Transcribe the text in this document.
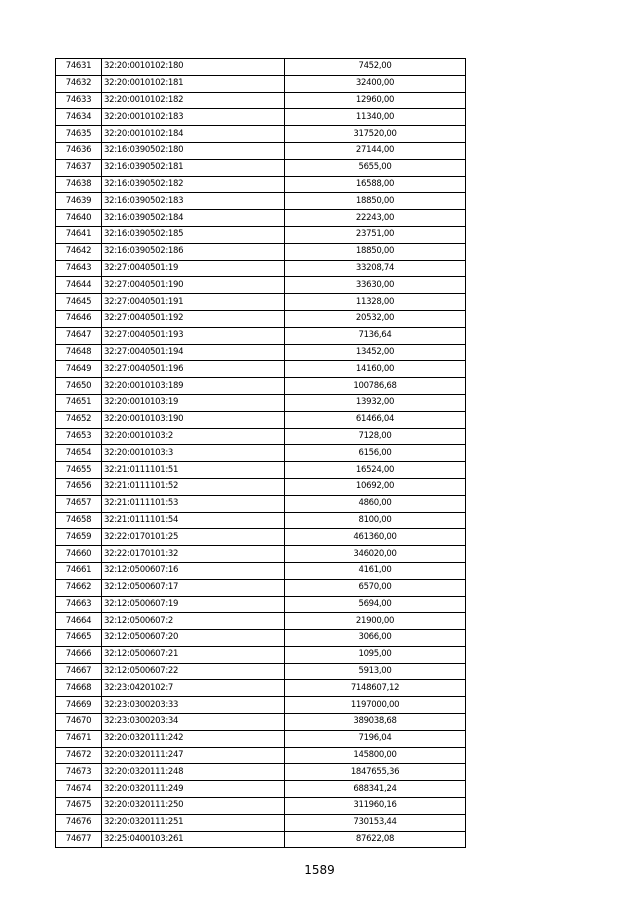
74631	32:20:0010102:180	7452,00
74632	32:20:0010102:181	32400,00
74633	32:20:0010102:182	12960,00
74634	32:20:0010102:183	11340,00
74635	32:20:0010102:184	317520,00
74636	32:16:0390502:180	27144,00
74637	32:16:0390502:181	5655,00
74638	32:16:0390502:182	16588,00
74639	32:16:0390502:183	18850,00
74640	32:16:0390502:184	22243,00
74641	32:16:0390502:185	23751,00
74642	32:16:0390502:186	18850,00
74643	32:27:0040501:19	33208,74
74644	32:27:0040501:190	33630,00
74645	32:27:0040501:191	11328,00
74646	32:27:0040501:192	20532,00
74647	32:27:0040501:193	7136,64
74648	32:27:0040501:194	13452,00
74649	32:27:0040501:196	14160,00
74650	32:20:0010103:189	100786,68
74651	32:20:0010103:19	13932,00
74652	32:20:0010103:190	61466,04
74653	32:20:0010103:2	7128,00
74654	32:20:0010103:3	6156,00
74655	32:21:0111101:51	16524,00
74656	32:21:0111101:52	10692,00
74657	32:21:0111101:53	4860,00
74658	32:21:0111101:54	8100,00
74659	32:22:0170101:25	461360,00
74660	32:22:0170101:32	346020,00
74661	32:12:0500607:16	4161,00
74662	32:12:0500607:17	6570,00
74663	32:12:0500607:19	5694,00
74664	32:12:0500607:2	21900,00
74665	32:12:0500607:20	3066,00
74666	32:12:0500607:21	1095,00
74667	32:12:0500607:22	5913,00
74668	32:23:0420102:7	7148607,12
74669	32:23:0300203:33	1197000,00
74670	32:23:0300203:34	389038,68
74671	32:20:0320111:242	7196,04
74672	32:20:0320111:247	145800,00
74673	32:20:0320111:248	1847655,36
74674	32:20:0320111:249	688341,24
74675	32:20:0320111:250	311960,16
74676	32:20:0320111:251	730153,44
74677	32:25:0400103:261	87622,08
1589
